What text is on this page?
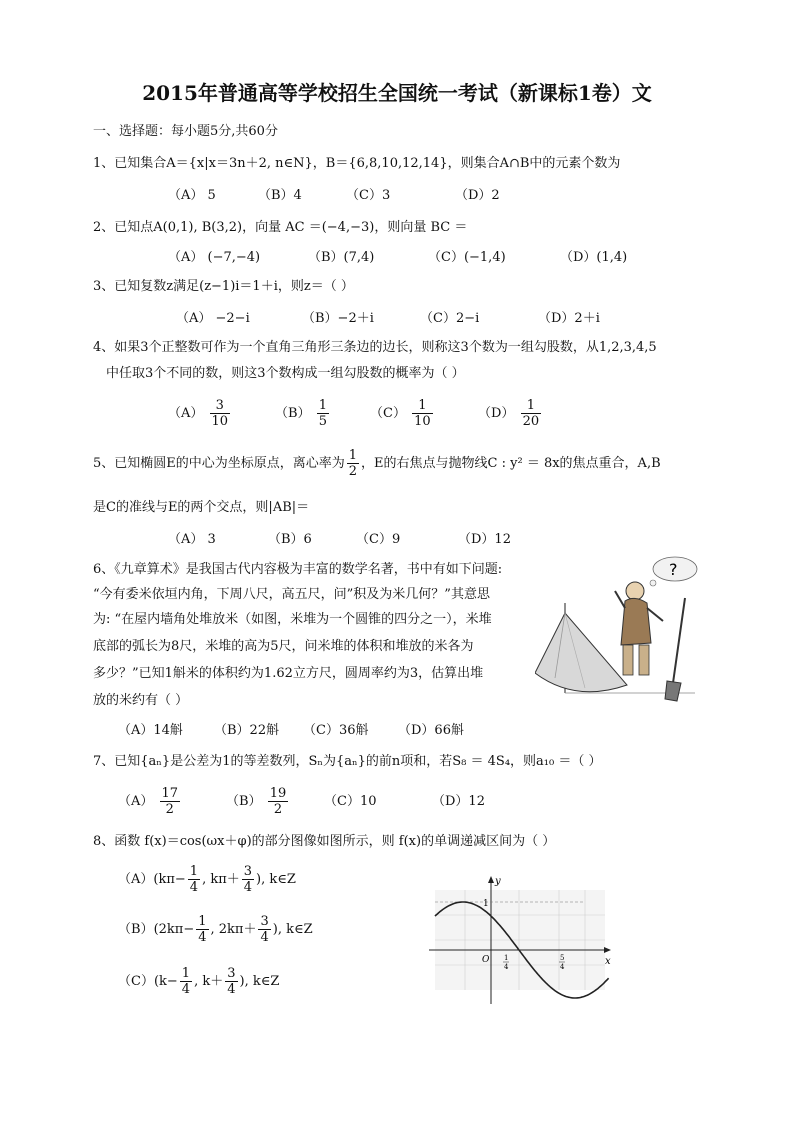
2015年普通高等学校招生全国统一考试（新课标1卷）文
一、选择题：每小题5分,共60分
1、已知集合A＝{x|x＝3n＋2, n∈N}，B＝{6,8,10,12,14}，则集合A∩B中的元素个数为
（A） 5	（B）4	（C）3	（D）2
2、已知点A(0,1), B(3,2)，向量 AC ＝(−4,−3)，则向量 BC ＝
（A） (−7,−4)	（B）(7,4)	（C）(−1,4)	（D）(1,4)
3、已知复数z满足(z−1)i＝1＋i，则z＝（ ）
（A） −2−i	（B）−2＋i	（C）2−i	（D）2＋i
4、如果3个正整数可作为一个直角三角形三条边的边长，则称这3个数为一组勾股数，从1,2,3,4,5
中任取3个不同的数，则这3个数构成一组勾股数的概率为（ ）
$(A) \frac{3}{10}$	$(B) \frac{1}{5}$	$(C) \frac{1}{10}$	$(D) \frac{1}{20}$
5、已知椭圆E的中心为坐标原点，离心率为 $\frac{1}{2}$ ，E的右焦点与抛物线C : y² ＝ 8x的焦点重合，A,B
是C的准线与E的两个交点，则|AB|＝
（A） 3	（B）6	（C）9	（D）12
6、《九章算术》是我国古代内容极为丰富的数学名著，书中有如下问题:
“今有委米依垣内角，下周八尺，高五尺，问”积及为米几何？”其意思
为: “在屋内墙角处堆放米（如图，米堆为一个圆锥的四分之一），米堆
底部的弧长为8尺，米堆的高为5尺，问米堆的体积和堆放的米各为
多少？”已知1斛米的体积约为1.62立方尺，圆周率约为3，估算出堆
放的米约有（ ）
（A）14斛 （B）22斛 （C）36斛 （D）66斛
?
7、已知{aₙ}是公差为1的等差数列，Sₙ为{aₙ}的前n项和，若S₈ ＝ 4S₄，则a₁₀ ＝（ ）
$(A) \frac{17}{2}$	$(B) \frac{19}{2}$	（C）10	（D）12
8、函数 f(x)＝cos(ωx＋φ)的部分图像如图所示，则 f(x)的单调递减区间为（ ）
$(A)(k\pi- \frac{1}{4}$ , $k\pi+ \frac{3}{4}$ ), k∈Z
$(B)(2k\pi- \frac{1}{4}$ , $2k\pi+ \frac{3}{4}$ ), k∈Z
$(C)(k- \frac{1}{4}$ , $k+ \frac{3}{4}$ ), k∈Z
y
x
1
O 1
4
5
4
